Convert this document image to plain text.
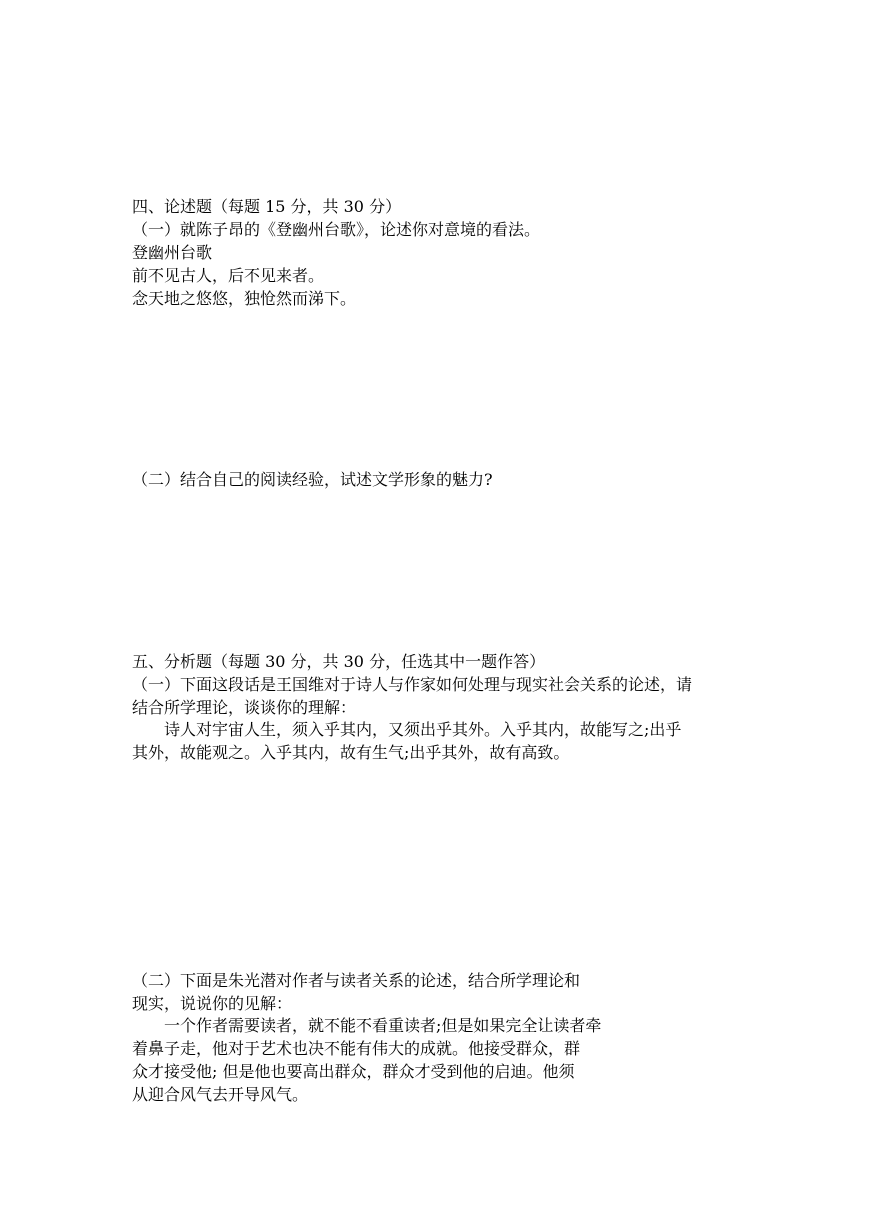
四、论述题（每题 15 分，共 30 分）
（一）就陈子昂的《登幽州台歌》，论述你对意境的看法。
登幽州台歌
前不见古人，后不见来者。
念天地之悠悠，独怆然而涕下。
（二）结合自己的阅读经验，试述文学形象的魅力?
五、分析题（每题 30 分，共 30 分，任选其中一题作答）
（一）下面这段话是王国维对于诗人与作家如何处理与现实社会关系的论述，请
结合所学理论，谈谈你的理解：
诗人对宇宙人生，须入乎其内，又须出乎其外。入乎其内，故能写之;出乎
其外，故能观之。入乎其内，故有生气;出乎其外，故有高致。
（二）下面是朱光潜对作者与读者关系的论述，结合所学理论和
现实，说说你的见解：
一个作者需要读者，就不能不看重读者;但是如果完全让读者牵
着鼻子走，他对于艺术也决不能有伟大的成就。他接受群众，群
众才接受他; 但是他也要高出群众，群众才受到他的启迪。他须
从迎合风气去开导风气。
